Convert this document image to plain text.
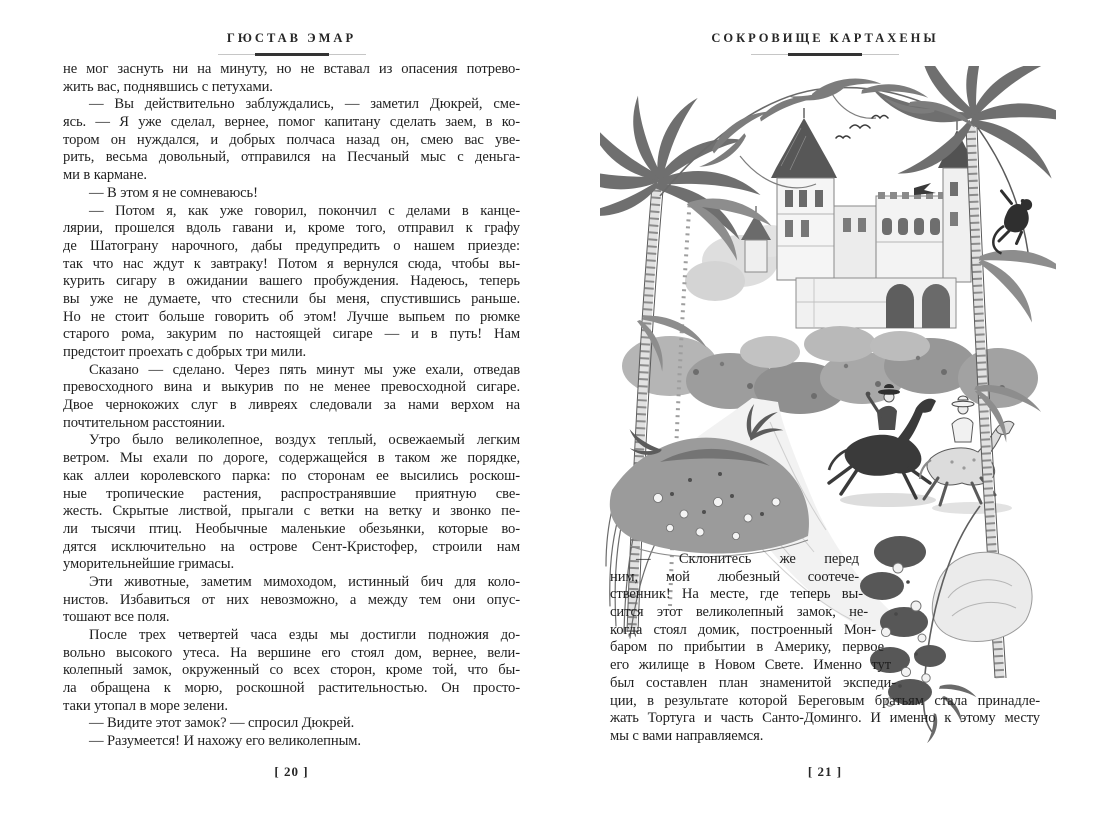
ГЮСТАВ ЭМАР
не мог заснуть ни на минуту, но не вставал из опасения потрево-
жить вас, поднявшись с петухами.
— Вы действительно заблуждались, — заметил Дюкрей, сме-
ясь. — Я уже сделал, вернее, помог капитану сделать заем, в ко-
тором он нуждался, и добрых полчаса назад он, смею вас уве-
рить, весьма довольный, отправился на Песчаный мыс с деньга-
ми в кармане.
— В этом я не сомневаюсь!
— Потом я, как уже говорил, покончил с делами в канце-
лярии, прошелся вдоль гавани и, кроме того, отправил к графу
де Шатограну нарочного, дабы предупредить о нашем приезде:
так что нас ждут к завтраку! Потом я вернулся сюда, чтобы вы-
курить сигару в ожидании вашего пробуждения. Надеюсь, теперь
вы уже не думаете, что стеснили бы меня, спустившись раньше.
Но не стоит больше говорить об этом! Лучше выпьем по рюмке
старого рома, закурим по настоящей сигаре — и в путь! Нам
предстоит проехать с добрых три мили.
Сказано — сделано. Через пять минут мы уже ехали, отведав
превосходного вина и выкурив по не менее превосходной сигаре.
Двое чернокожих слуг в ливреях следовали за нами верхом на
почтительном расстоянии.
Утро было великолепное, воздух теплый, освежаемый легким
ветром. Мы ехали по дороге, содержащейся в таком же порядке,
как аллеи королевского парка: по сторонам ее высились роскош-
ные тропические растения, распространявшие приятную све-
жесть. Скрытые листвой, прыгали с ветки на ветку и звонко пе-
ли тысячи птиц. Необычные маленькие обезьянки, которые во-
дятся исключительно на острове Сент-Кристофер, строили нам
уморительнейшие гримасы.
Эти животные, заметим мимоходом, истинный бич для коло-
нистов. Избавиться от них невозможно, а между тем они опус-
тошают все поля.
После трех четвертей часа езды мы достигли подножия до-
вольно высокого утеса. На вершине его стоял дом, вернее, вели-
колепный замок, окруженный со всех сторон, кроме той, что бы-
ла обращена к морю, роскошной растительностью. Он просто-
таки утопал в море зелени.
— Видите этот замок? — спросил Дюкрей.
— Разумеется! И нахожу его великолепным.
[ 20 ]
СОКРОВИЩЕ КАРТАХЕНЫ
— Склонитесь же перед
ним, мой любезный соотече-
ственник! На месте, где теперь вы-
сится этот великолепный замок, не-
когда стоял домик, построенный Мон-
баром по прибытии в Америку, первое
его жилище в Новом Свете. Именно тут
был составлен план знаменитой экспеди-
ции, в результате которой Береговым братьям стала принадле-
жать Тортуга и часть Санто-Доминго. И именно к этому месту
мы с вами направляемся.
[ 21 ]
